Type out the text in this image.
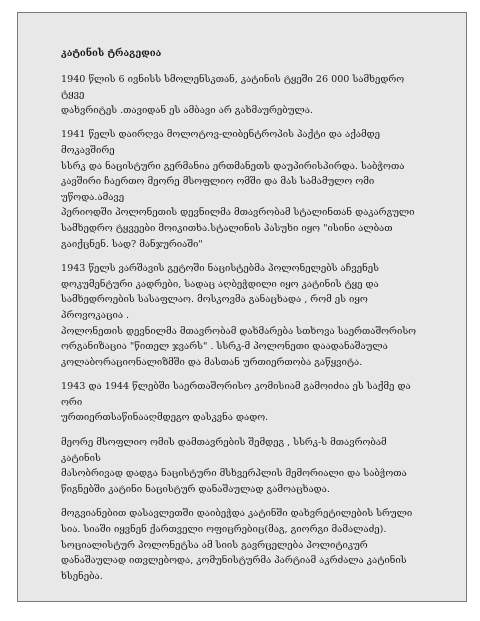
კატინის ტრაგედია
1940 წლის 6 ივნისს სმოლენსკთან, კატინის ტყეში 26 000 სამხედრო ტყვე
დახვრიტეს .თავიდან ეს ამბავი არ გახმაურებულა.
1941 წელს დაირღვა მოლოტოვ-ლიბენტროპის პაქტი და აქამდე მოკავშირე
სსრკ და ნაცისტური გერმანია ერთმანეთს დაუპირისპირდა. საბჭოთა
კავშირი ჩაერთო მეორე მსოფლიო ომში და მას სამამულო ომი უწოდა.ამავე
პერიოდში პოლონეთის დევნილმა მთავრობამ სტალინთან დაკარგული
სამხედრო ტყვეები მოიკითხა.სტალინის პასუხი იყო "ისინი ალბათ
გაიქცნენ. სად? მანჯურიაში"
1943 წელს ვარშავის გეტოში ნაცისტებმა პოლონელებს აჩვენეს
დოკუმენტური კადრები, სადაც აღბეჭდილი იყო კატინის ტყე და
სამხედროების სასაფლაო. მოსკოვმა განაცხადა , რომ ეს იყო პროვოკაცია .
პოლონეთის დევნილმა მთავრობამ დახმარება სთხოვა საერთაშორისო
ორგანიზაცია "წითელ ჯვარს" . სსრკ-მ პოლონეთი დაადანაშაულა
კოლაბორაციონალიზმში და მასთან ურთიერთობა გაწყვიტა.
1943 და 1944 წლებში საერთაშორისო კომისიამ გამოიძია ეს საქმე და ორი
ურთიერთსაწინააღმდეგო დასკვნა დადო.
მეორე მსოფლიო ომის დამთავრების შემდეგ , სსრკ-ს მთავრობამ კატინის
მასობრივად დადგა ნაცისტური მსხვერპლის მემორიალი და საბჭოთა
წიგნებში კატინი ნაცისტურ დანაშაულად გამოაცხადა.
მოგვიანებით დასავლეთში დაიბეჭდა კატინში დახვრეტილების სრული
სია. სიაში იყვნენ ქართველი ოფიცრებიც(მაგ, გიორგი მამალაძე).
სოციალისტურ პოლონეტსა ამ სიის გავრცელება პოლიტიკურ
დანაშაულად ითვლებოდა, კომუნისტურმა პარტიამ აკრძალა კატინის
ხსენება.
